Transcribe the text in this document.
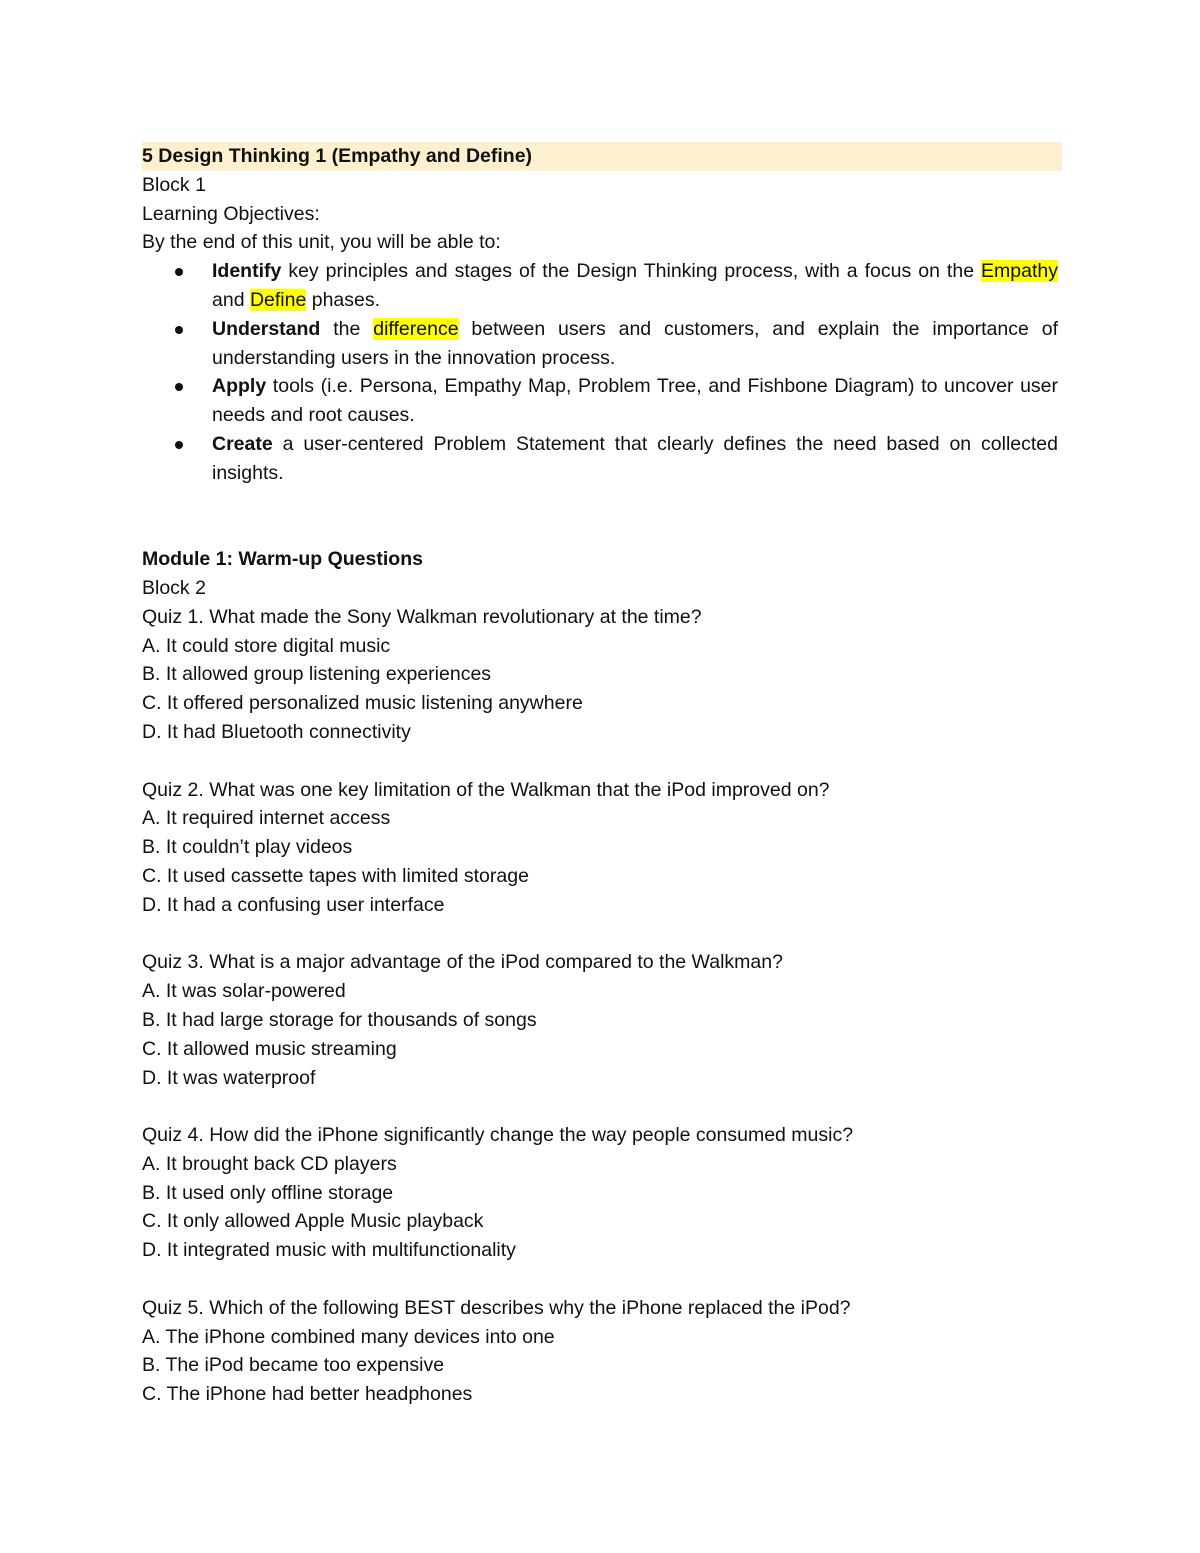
5 Design Thinking 1 (Empathy and Define)
Block 1
Learning Objectives:
By the end of this unit, you will be able to:
Identify key principles and stages of the Design Thinking process, with a focus on the Empathy and Define phases.
Understand the difference between users and customers, and explain the importance of understanding users in the innovation process.
Apply tools (i.e. Persona, Empathy Map, Problem Tree, and Fishbone Diagram) to uncover user needs and root causes.
Create a user-centered Problem Statement that clearly defines the need based on collected insights.
Module 1: Warm-up Questions
Block 2
Quiz 1. What made the Sony Walkman revolutionary at the time?
A. It could store digital music
B. It allowed group listening experiences
C. It offered personalized music listening anywhere
D. It had Bluetooth connectivity
Quiz 2. What was one key limitation of the Walkman that the iPod improved on?
A. It required internet access
B. It couldn’t play videos
C. It used cassette tapes with limited storage
D. It had a confusing user interface
Quiz 3. What is a major advantage of the iPod compared to the Walkman?
A. It was solar-powered
B. It had large storage for thousands of songs
C. It allowed music streaming
D. It was waterproof
Quiz 4. How did the iPhone significantly change the way people consumed music?
A. It brought back CD players
B. It used only offline storage
C. It only allowed Apple Music playback
D. It integrated music with multifunctionality
Quiz 5. Which of the following BEST describes why the iPhone replaced the iPod?
A. The iPhone combined many devices into one
B. The iPod became too expensive
C. The iPhone had better headphones
